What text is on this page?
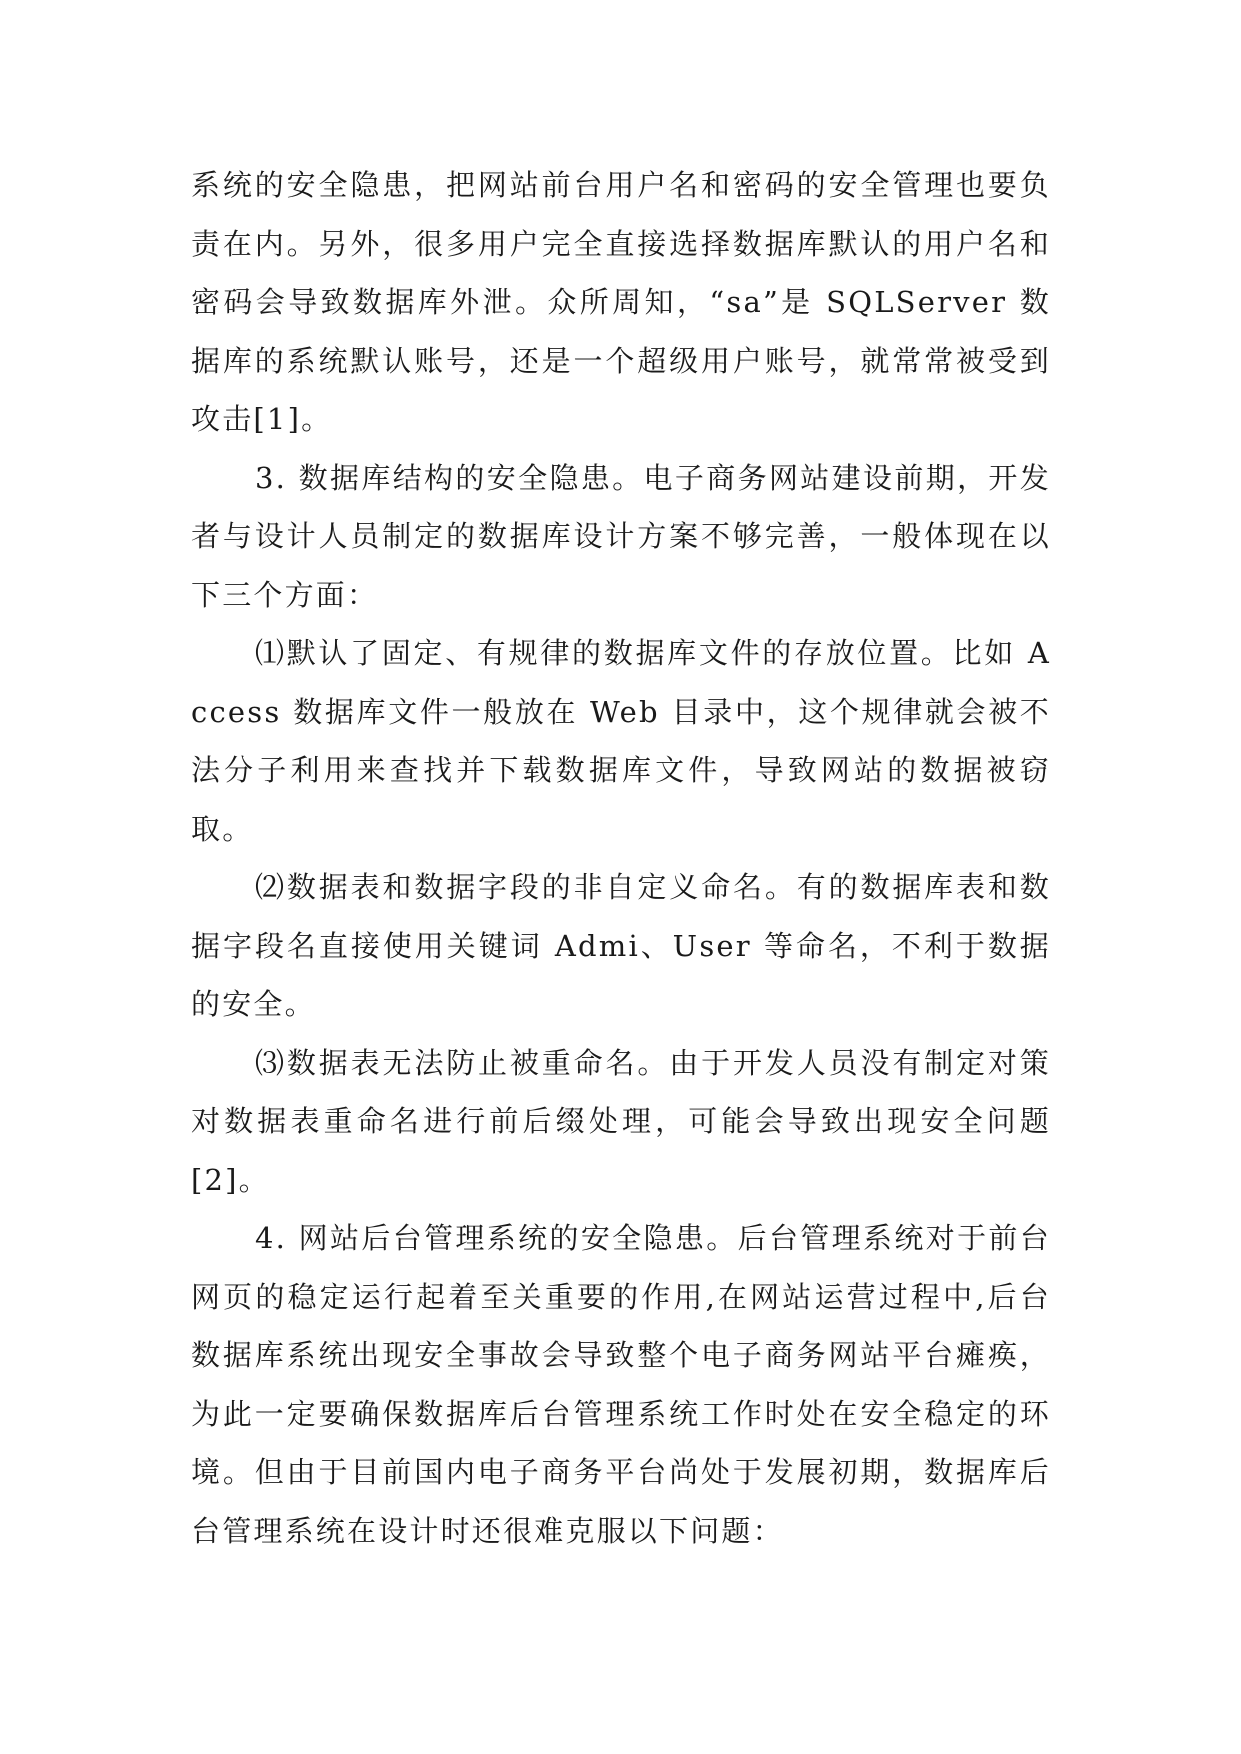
系统的安全隐患，把网站前台用户名和密码的安全管理也要负责在内。另外，很多用户完全直接选择数据库默认的用户名和密码会导致数据库外泄。众所周知，“sa”是 SQLServer 数据库的系统默认账号，还是一个超级用户账号，就常常被受到攻击[1]。

3. 数据库结构的安全隐患。电子商务网站建设前期，开发者与设计人员制定的数据库设计方案不够完善，一般体现在以下三个方面：

⑴默认了固定、有规律的数据库文件的存放位置。比如 Access 数据库文件一般放在 Web 目录中，这个规律就会被不法分子利用来查找并下载数据库文件，导致网站的数据被窃取。

⑵数据表和数据字段的非自定义命名。有的数据库表和数据字段名直接使用关键词 Admi、User 等命名，不利于数据的安全。

⑶数据表无法防止被重命名。由于开发人员没有制定对策对数据表重命名进行前后缀处理，可能会导致出现安全问题[2]。

4. 网站后台管理系统的安全隐患。后台管理系统对于前台网页的稳定运行起着至关重要的作用,在网站运营过程中,后台数据库系统出现安全事故会导致整个电子商务网站平台瘫痪，为此一定要确保数据库后台管理系统工作时处在安全稳定的环境。但由于目前国内电子商务平台尚处于发展初期，数据库后台管理系统在设计时还很难克服以下问题：
